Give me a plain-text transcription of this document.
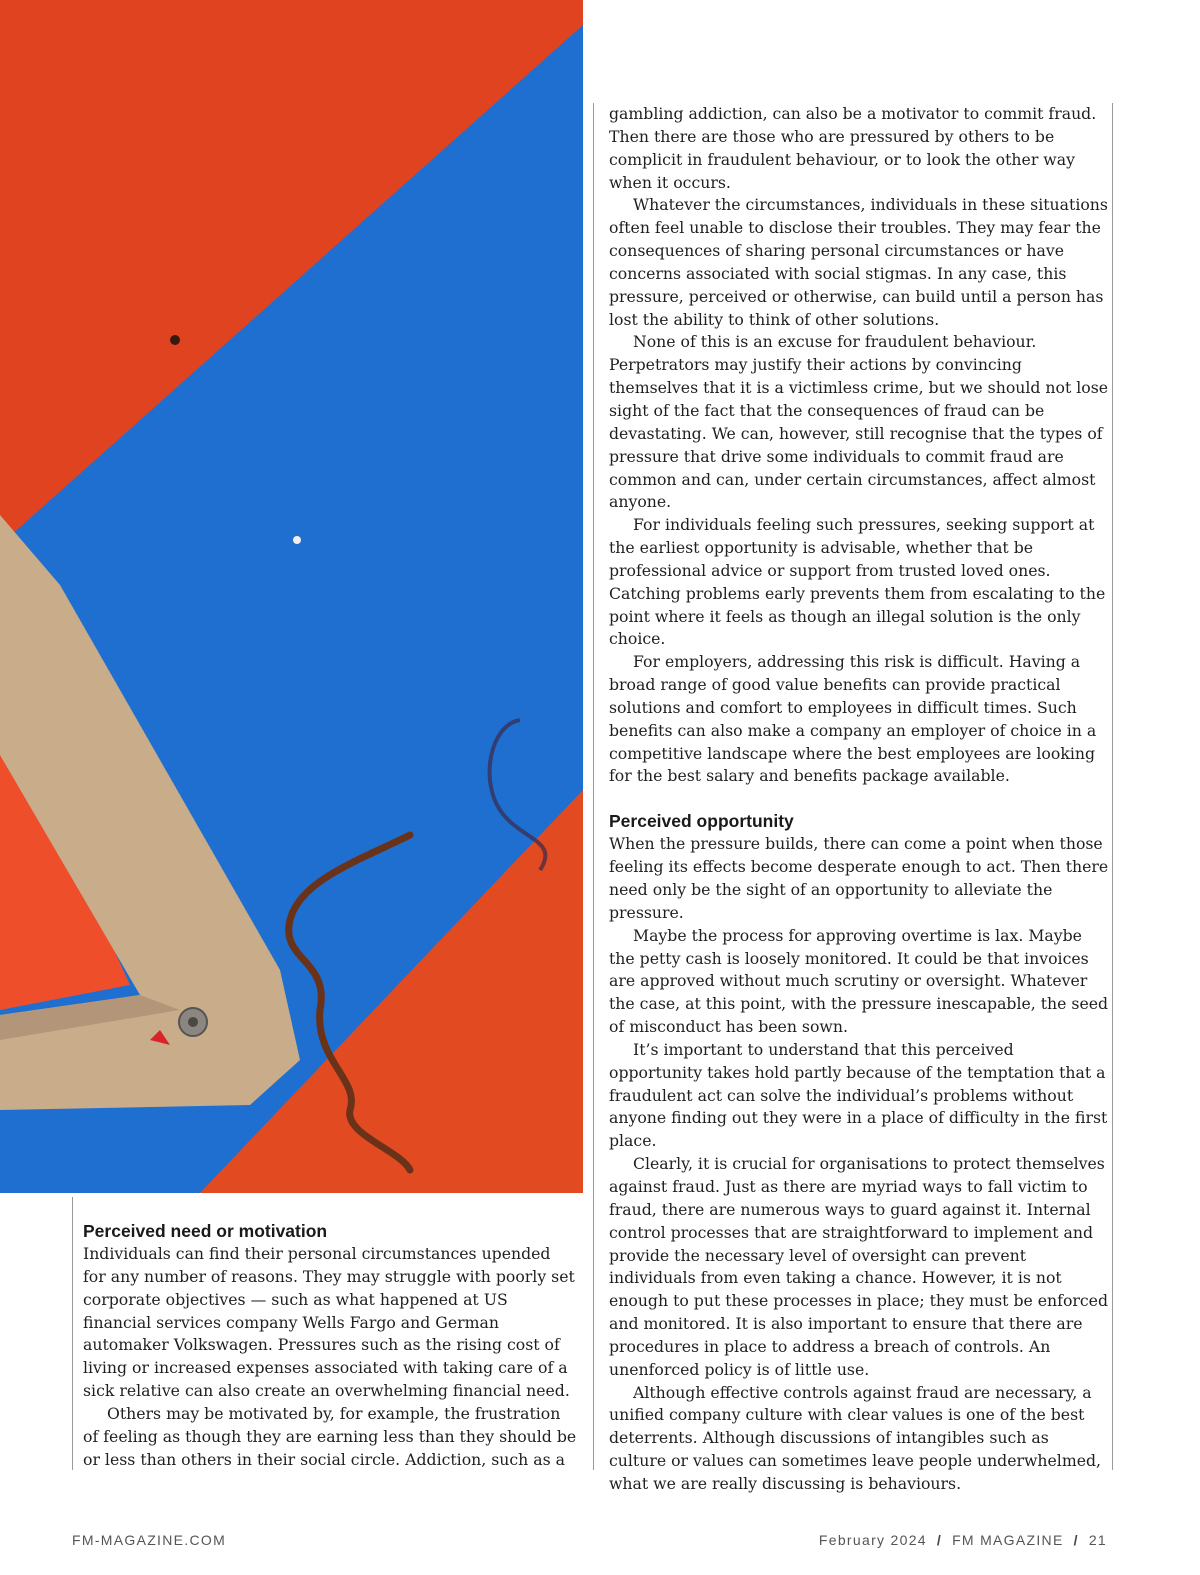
Perceived need or motivation

Individuals can find their personal circumstances upended for any number of reasons. They may struggle with poorly set corporate objectives — such as what happened at US financial services company Wells Fargo and German automaker Volkswagen. Pressures such as the rising cost of living or increased expenses associated with taking care of a sick relative can also create an overwhelming financial need.

Others may be motivated by, for example, the frustration of feeling as though they are earning less than they should be or less than others in their social circle. Addiction, such as a

gambling addiction, can also be a motivator to commit fraud. Then there are those who are pressured by others to be complicit in fraudulent behaviour, or to look the other way when it occurs.

Whatever the circumstances, individuals in these situations often feel unable to disclose their troubles. They may fear the consequences of sharing personal circumstances or have concerns associated with social stigmas. In any case, this pressure, perceived or otherwise, can build until a person has lost the ability to think of other solutions.

None of this is an excuse for fraudulent behaviour. Perpetrators may justify their actions by convincing themselves that it is a victimless crime, but we should not lose sight of the fact that the consequences of fraud can be devastating. We can, however, still recognise that the types of pressure that drive some individuals to commit fraud are common and can, under certain circumstances, affect almost anyone.

For individuals feeling such pressures, seeking support at the earliest opportunity is advisable, whether that be professional advice or support from trusted loved ones. Catching problems early prevents them from escalating to the point where it feels as though an illegal solution is the only choice.

For employers, addressing this risk is difficult. Having a broad range of good value benefits can provide practical solutions and comfort to employees in difficult times. Such benefits can also make a company an employer of choice in a competitive landscape where the best employees are looking for the best salary and benefits package available.

Perceived opportunity

When the pressure builds, there can come a point when those feeling its effects become desperate enough to act. Then there need only be the sight of an opportunity to alleviate the pressure.

Maybe the process for approving overtime is lax. Maybe the petty cash is loosely monitored. It could be that invoices are approved without much scrutiny or oversight. Whatever the case, at this point, with the pressure inescapable, the seed of misconduct has been sown.

It’s important to understand that this perceived opportunity takes hold partly because of the temptation that a fraudulent act can solve the individual’s problems without anyone finding out they were in a place of difficulty in the first place.

Clearly, it is crucial for organisations to protect themselves against fraud. Just as there are myriad ways to fall victim to fraud, there are numerous ways to guard against it. Internal control processes that are straightforward to implement and provide the necessary level of oversight can prevent individuals from even taking a chance. However, it is not enough to put these processes in place; they must be enforced and monitored. It is also important to ensure that there are procedures in place to address a breach of controls. An unenforced policy is of little use.

Although effective controls against fraud are necessary, a unified company culture with clear values is one of the best deterrents. Although discussions of intangibles such as culture or values can sometimes leave people underwhelmed, what we are really discussing is behaviours.

FM-MAGAZINE.COM	February 2024 / FM MAGAZINE / 21
